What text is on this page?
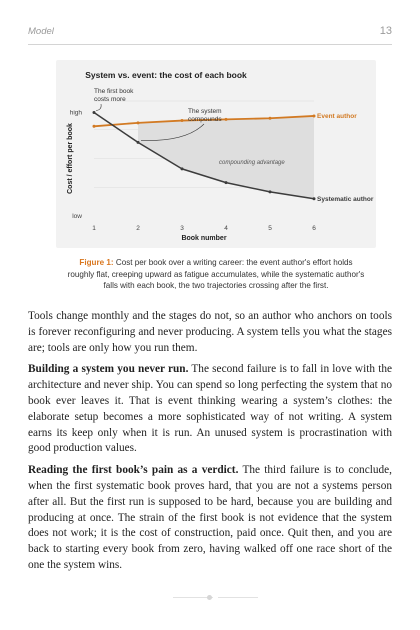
Model	13
System vs. event: the cost of each book
Book number
Cost / effort per book
low
high
1	2	3	4	5	6
Event author
Systematic author
The first book
costs more
The system
compounds
compounding advantage
Figure 1: Cost per book over a writing career: the event author's effort holds roughly flat, creeping upward as fatigue accumulates, while the systematic author's falls with each book, the two trajectories crossing after the first.

Tools change monthly and the stages do not, so an author who anchors on tools is forever reconfiguring and never producing. A system tells you what the stages are; tools are only how you run them.

Building a system you never run. The second failure is to fall in love with the architecture and never ship. You can spend so long perfecting the system that no book ever leaves it. That is event thinking wearing a system’s clothes: the elaborate setup becomes a more sophisticated way of not writing. A system earns its keep only when it is run. An unused system is procrastination with good production values.

Reading the first book’s pain as a verdict. The third failure is to conclude, when the first systematic book proves hard, that you are not a systems person after all. But the first run is supposed to be hard, because you are building and producing at once. The strain of the first book is not evidence that the system does not work; it is the cost of construction, paid once. Quit then, and you are back to starting every book from zero, having walked off one race short of the one the system wins.
